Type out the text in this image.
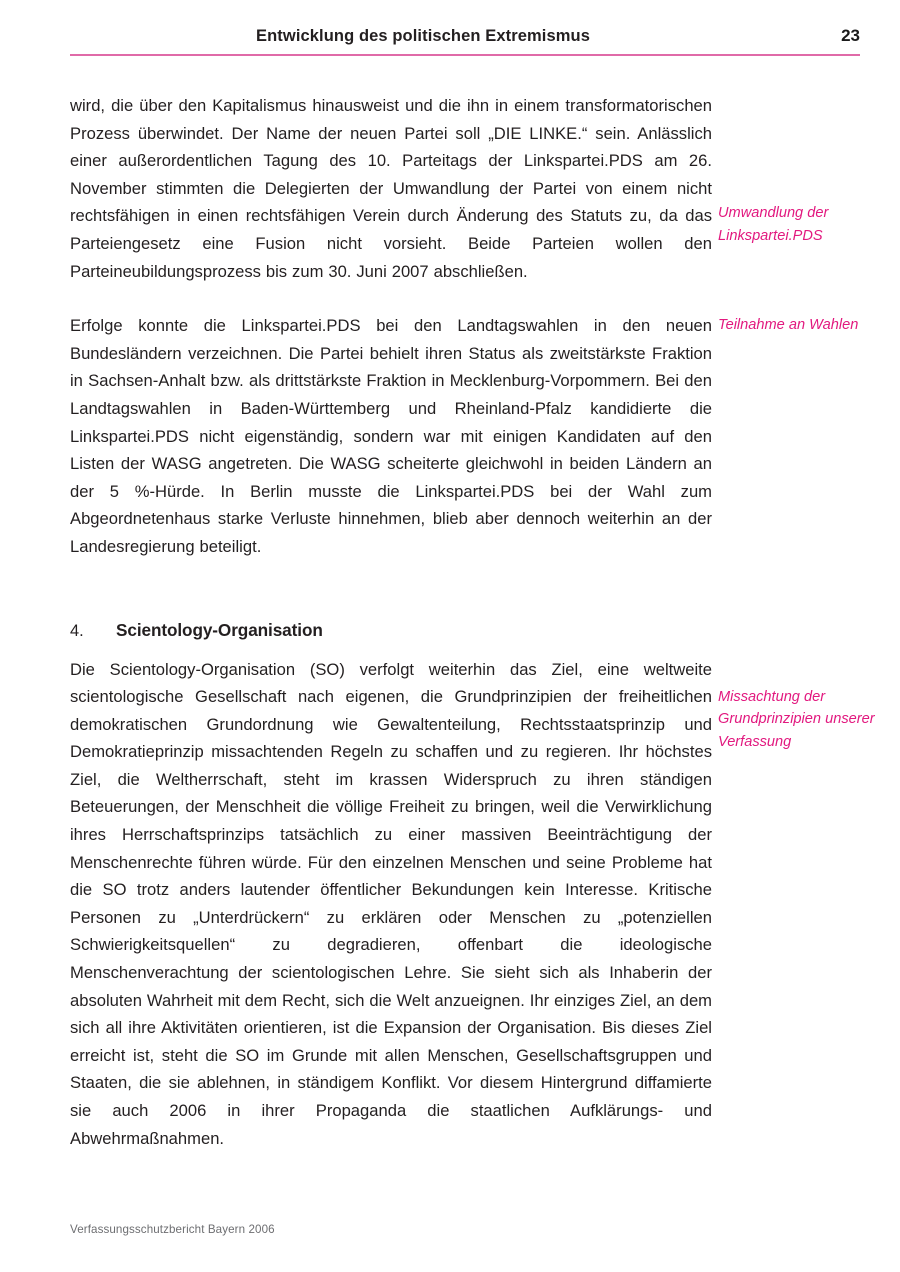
Entwicklung des politischen Extremismus	23

wird, die über den Kapitalismus hinausweist und die ihn in einem transformatorischen Prozess überwindet. Der Name der neuen Partei soll „DIE LINKE.“ sein. Anlässlich einer außerordentlichen Tagung des 10. Parteitags der Linkspartei.PDS am 26. November stimmten die Delegierten der Umwandlung der Partei von einem nicht rechtsfähigen in einen rechtsfähigen Verein durch Änderung des Statuts zu, da das Parteiengesetz eine Fusion nicht vorsieht. Beide Parteien wollen den Parteineubildungsprozess bis zum 30. Juni 2007 abschließen.

Umwandlung der Linkspartei.PDS

Erfolge konnte die Linkspartei.PDS bei den Landtagswahlen in den neuen Bundesländern verzeichnen. Die Partei behielt ihren Status als zweitstärkste Fraktion in Sachsen-Anhalt bzw. als drittstärkste Fraktion in Mecklenburg-Vorpommern. Bei den Landtagswahlen in Baden-Württemberg und Rheinland-Pfalz kandidierte die Linkspartei.PDS nicht eigenständig, sondern war mit einigen Kandidaten auf den Listen der WASG angetreten. Die WASG scheiterte gleichwohl in beiden Ländern an der 5 %-Hürde. In Berlin musste die Linkspartei.PDS bei der Wahl zum Abgeordnetenhaus starke Verluste hinnehmen, blieb aber dennoch weiterhin an der Landesregierung beteiligt.

Teilnahme an Wahlen
4.	Scientology-Organisation

Die Scientology-Organisation (SO) verfolgt weiterhin das Ziel, eine weltweite scientologische Gesellschaft nach eigenen, die Grundprinzipien der freiheitlichen demokratischen Grundordnung wie Gewaltenteilung, Rechtsstaatsprinzip und Demokratieprinzip missachtenden Regeln zu schaffen und zu regieren. Ihr höchstes Ziel, die Weltherrschaft, steht im krassen Widerspruch zu ihren ständigen Beteuerungen, der Menschheit die völlige Freiheit zu bringen, weil die Verwirklichung ihres Herrschaftsprinzips tatsächlich zu einer massiven Beeinträchtigung der Menschenrechte führen würde. Für den einzelnen Menschen und seine Probleme hat die SO trotz anders lautender öffentlicher Bekundungen kein Interesse. Kritische Personen zu „Unterdrückern“ zu erklären oder Menschen zu „potenziellen Schwierigkeitsquellen“ zu degradieren, offenbart die ideologische Menschenverachtung der scientologischen Lehre. Sie sieht sich als Inhaberin der absoluten Wahrheit mit dem Recht, sich die Welt anzueignen. Ihr einziges Ziel, an dem sich all ihre Aktivitäten orientieren, ist die Expansion der Organisation. Bis dieses Ziel erreicht ist, steht die SO im Grunde mit allen Menschen, Gesellschaftsgruppen und Staaten, die sie ablehnen, in ständigem Konflikt. Vor diesem Hintergrund diffamierte sie auch 2006 in ihrer Propaganda die staatlichen Aufklärungs- und Abwehrmaßnahmen.

Missachtung der Grundprinzipien unserer Verfassung
Verfassungsschutzbericht Bayern 2006
